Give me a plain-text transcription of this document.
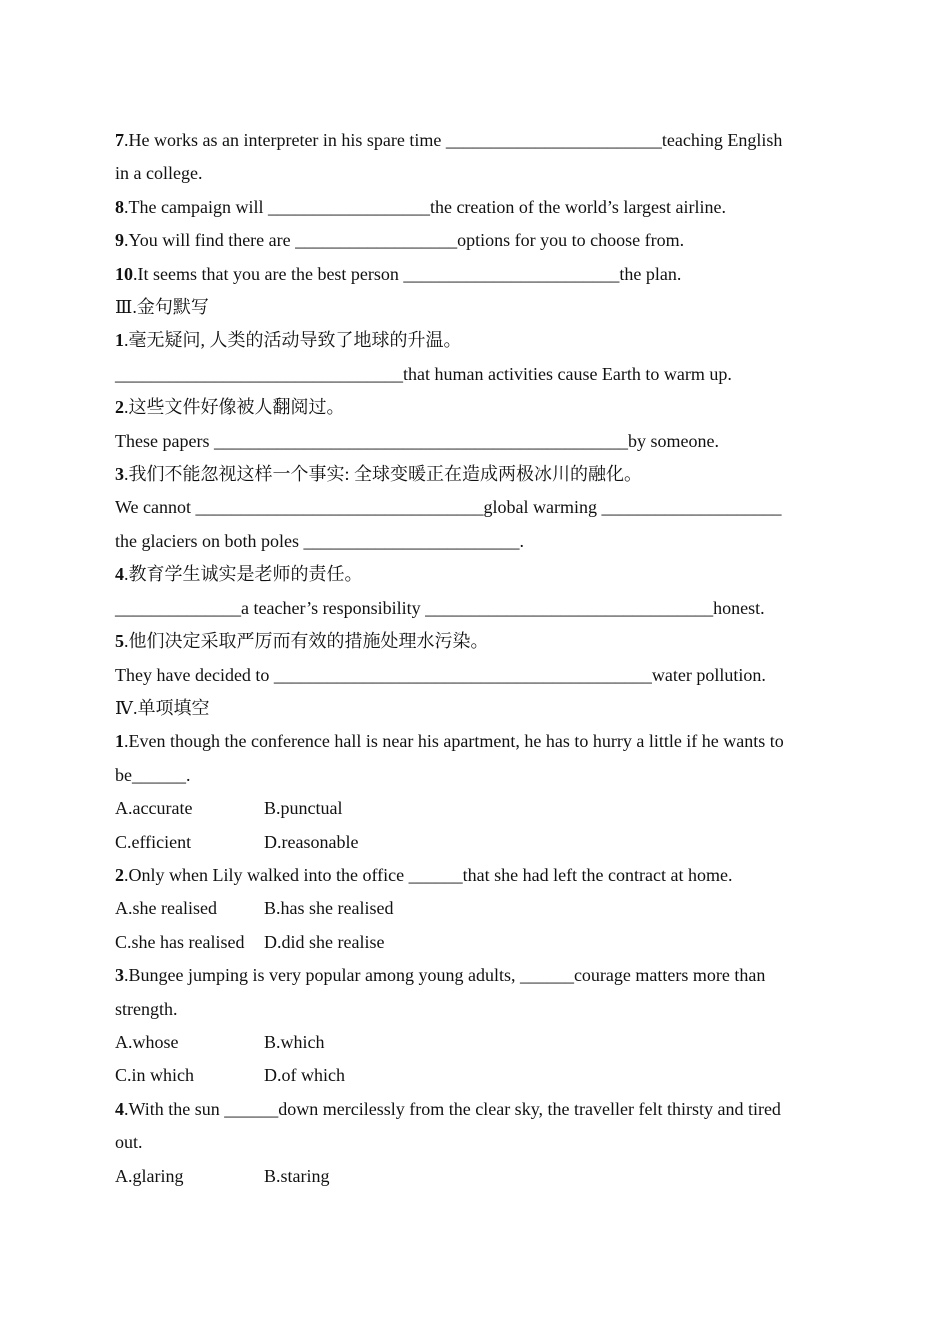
7.He works as an interpreter in his spare time ________________________teaching English
in a college.
8.The campaign will __________________the creation of the world’s largest airline.
9.You will find there are __________________options for you to choose from.
10.It seems that you are the best person ________________________the plan.
Ⅲ.金句默写
1.毫无疑问, 人类的活动导致了地球的升温。
________________________________that human activities cause Earth to warm up.
2.这些文件好像被人翻阅过。
These papers ______________________________________________by someone.
3.我们不能忽视这样一个事实: 全球变暖正在造成两极冰川的融化。
We cannot ________________________________global warming ____________________
the glaciers on both poles ________________________.
4.教育学生诚实是老师的责任。
______________a teacher’s responsibility ________________________________honest.
5.他们决定采取严厉而有效的措施处理水污染。
They have decided to __________________________________________water pollution.
Ⅳ.单项填空
1.Even though the conference hall is near his apartment, he has to hurry a little if he wants to
be______.
A.accurate	B.punctual
C.efficient	D.reasonable
2.Only when Lily walked into the office ______that she had left the contract at home.
A.she realised	B.has she realised
C.she has realised D.did she realise
3.Bungee jumping is very popular among young adults, ______courage matters more than
strength.
A.whose	B.which
C.in which	D.of which
4.With the sun ______down mercilessly from the clear sky, the traveller felt thirsty and tired
out.
A.glaring	B.staring
